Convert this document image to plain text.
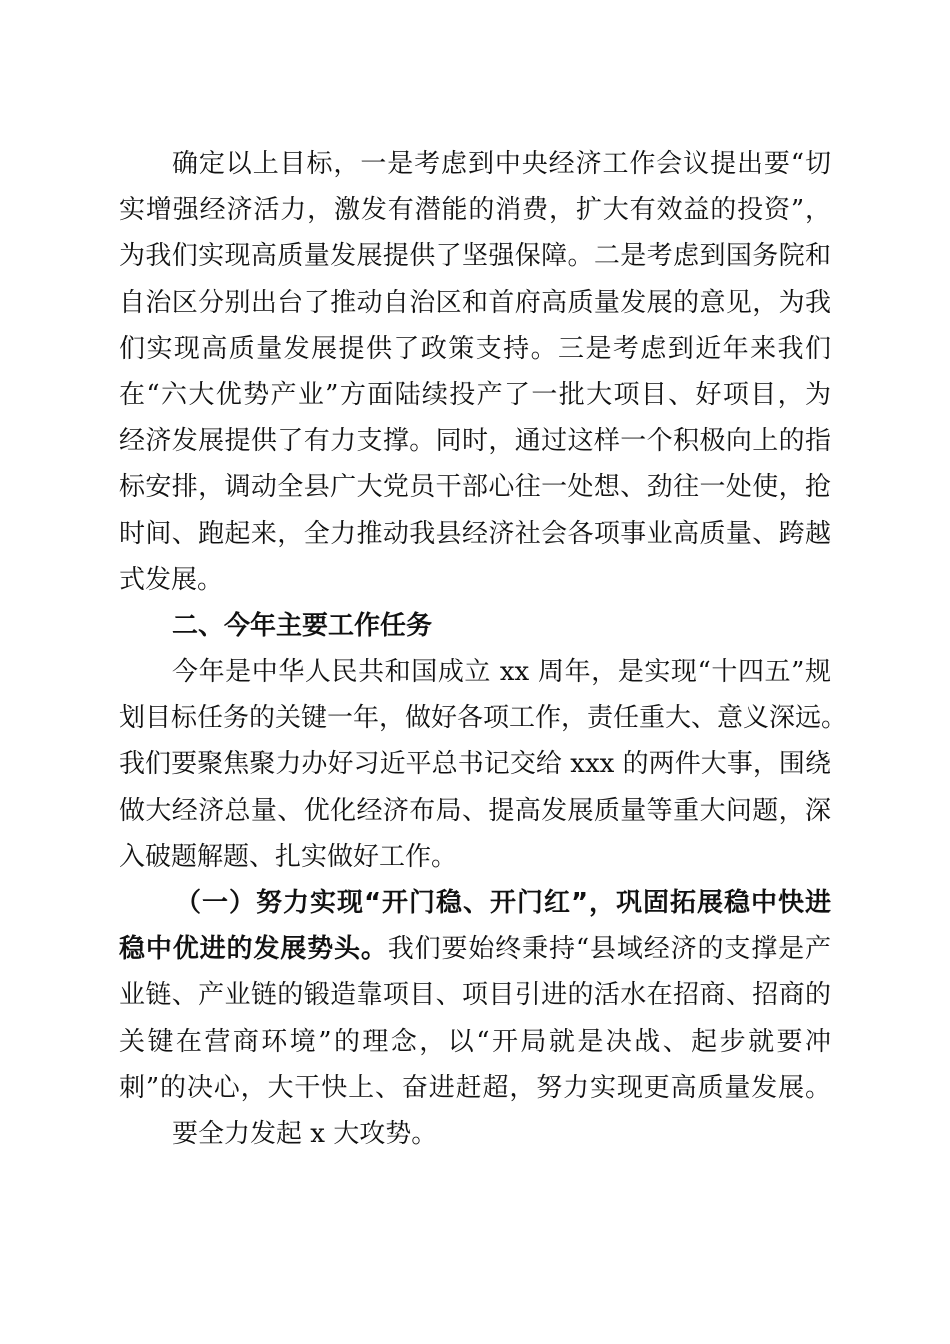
确定以上目标，一是考虑到中央经济工作会议提出要“切
实增强经济活力，激发有潜能的消费，扩大有效益的投资”，
为我们实现高质量发展提供了坚强保障。二是考虑到国务院和
自治区分别出台了推动自治区和首府高质量发展的意见，为我
们实现高质量发展提供了政策支持。三是考虑到近年来我们
在“六大优势产业”方面陆续投产了一批大项目、好项目，为
经济发展提供了有力支撑。同时，通过这样一个积极向上的指
标安排，调动全县广大党员干部心往一处想、劲往一处使，抢
时间、跑起来，全力推动我县经济社会各项事业高质量、跨越
式发展。
二、今年主要工作任务
今年是中华人民共和国成立 xx 周年，是实现“十四五”规
划目标任务的关键一年，做好各项工作，责任重大、意义深远。
我们要聚焦聚力办好习近平总书记交给 xxx 的两件大事，围绕
做大经济总量、优化经济布局、提高发展质量等重大问题，深
入破题解题、扎实做好工作。
（一）努力实现“开门稳、开门红”，巩固拓展稳中快进
稳中优进的发展势头。我们要始终秉持“县域经济的支撑是产
业链、产业链的锻造靠项目、项目引进的活水在招商、招商的
关键在营商环境”的理念，以“开局就是决战、起步就要冲
刺”的决心，大干快上、奋进赶超，努力实现更高质量发展。
要全力发起 x 大攻势。
